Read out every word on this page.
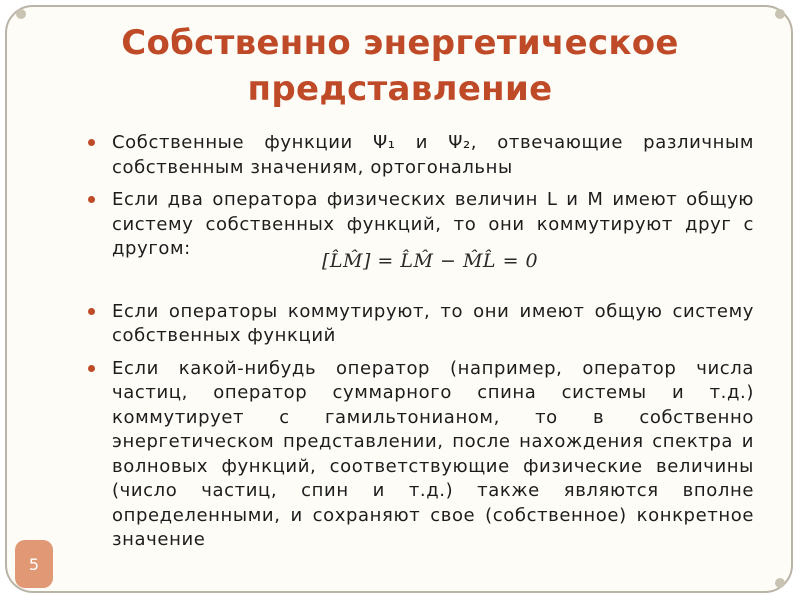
Собственно энергетическое
представление
Собственные функции Ψ₁ и Ψ₂, отвечающие различным собственным значениям, ортогональны
Если два оператора физических величин L и M имеют общую систему собственных функций, то они коммутируют друг с другом:
Если операторы коммутируют, то они имеют общую систему собственных функций
Если какой-нибудь оператор (например, оператор числа частиц, оператор суммарного спина системы и т.д.) коммутирует с гамильтонианом, то в собственно энергетическом представлении, после нахождения спектра и волновых функций, соответствующие физические величины (число частиц, спин и т.д.) также являются вполне определенными, и сохраняют свое (собственное) конкретное значение
[L̂M̂] = L̂M̂ − M̂L̂ = 0
5
